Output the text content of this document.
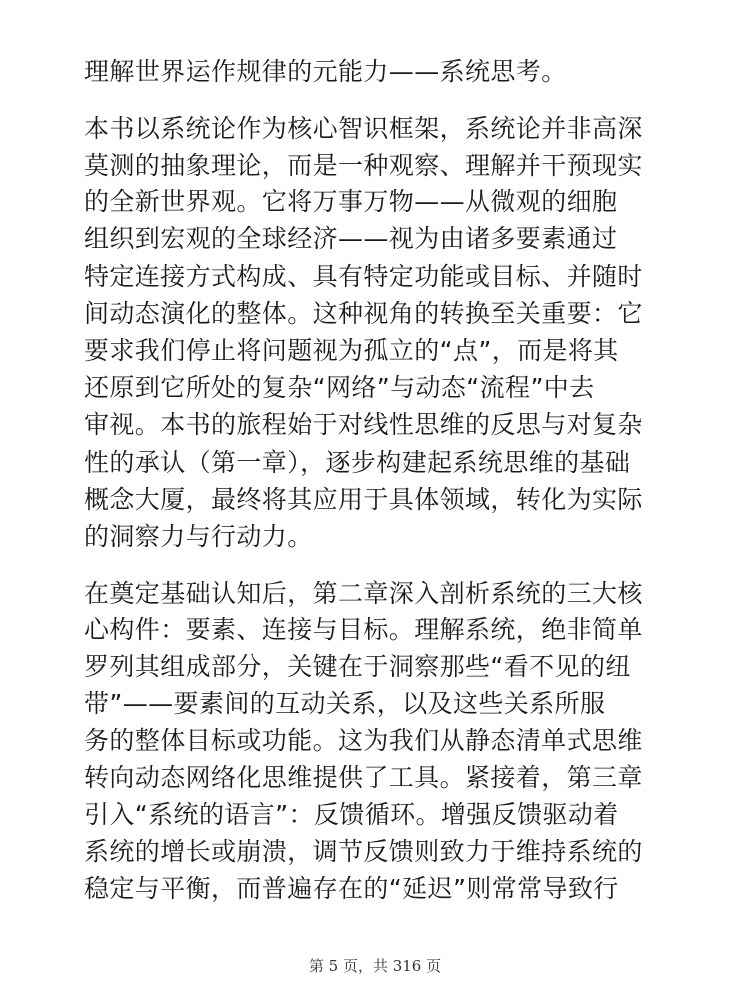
理解世界运作规律的元能力——系统思考。

本书以系统论作为核心智识框架，系统论并非高深

莫测的抽象理论，而是一种观察、理解并干预现实

的全新世界观。它将万事万物——从微观的细胞

组织到宏观的全球经济——视为由诸多要素通过

特定连接方式构成、具有特定功能或目标、并随时

间动态演化的整体。这种视角的转换至关重要：它

要求我们停止将问题视为孤立的“点”，而是将其

还原到它所处的复杂“网络”与动态“流程”中去

审视。本书的旅程始于对线性思维的反思与对复杂

性的承认（第一章），逐步构建起系统思维的基础

概念大厦，最终将其应用于具体领域，转化为实际

的洞察力与行动力。

在奠定基础认知后，第二章深入剖析系统的三大核

心构件：要素、连接与目标。理解系统，绝非简单

罗列其组成部分，关键在于洞察那些“看不见的纽

带”——要素间的互动关系，以及这些关系所服

务的整体目标或功能。这为我们从静态清单式思维

转向动态网络化思维提供了工具。紧接着，第三章

引入“系统的语言”：反馈循环。增强反馈驱动着

系统的增长或崩溃，调节反馈则致力于维持系统的

稳定与平衡，而普遍存在的“延迟”则常常导致行

第 5 页，共 316 页
